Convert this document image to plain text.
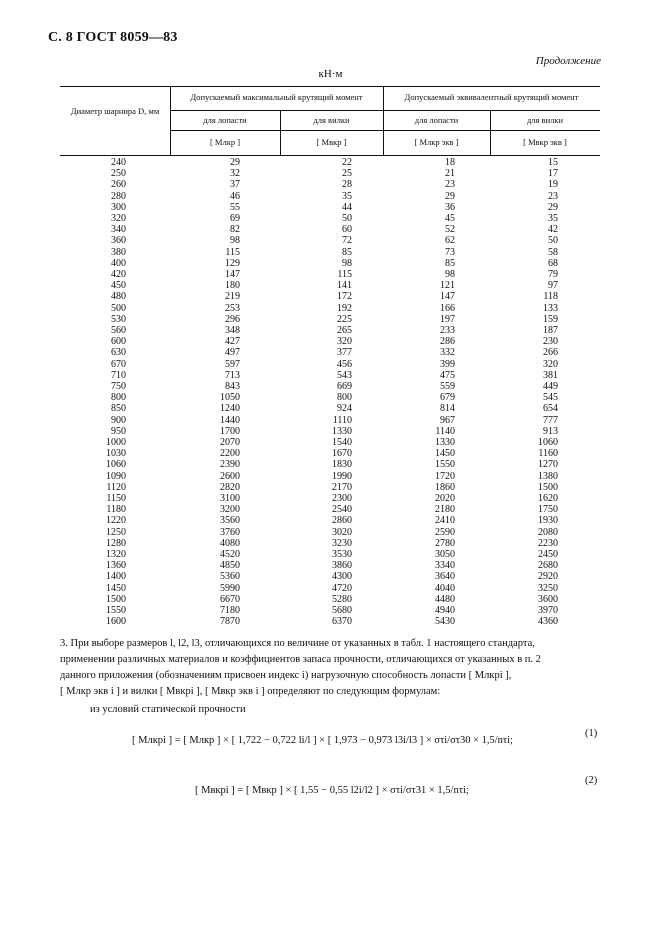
С. 8 ГОСТ 8059—83
Продолжение
кН·м
Диаметр шарнира D, мм
Допускаемый максимальный крутящий момент	Допускаемый эквивалентный крутящий момент
для лопасти	для вилки	для лопасти	для вилки
[ Mлкр ]	[ Mвкр ]	[ Mлкр экв ]	[ Mвкр экв ]
240	29	22	18	15
250	32	25	21	17
260	37	28	23	19
280	46	35	29	23
300	55	44	36	29
320	69	50	45	35
340	82	60	52	42
360	98	72	62	50
380	115	85	73	58
400	129	98	85	68
420	147	115	98	79
450	180	141	121	97
480	219	172	147	118
500	253	192	166	133
530	296	225	197	159
560	348	265	233	187
600	427	320	286	230
630	497	377	332	266
670	597	456	399	320
710	713	543	475	381
750	843	669	559	449
800	1050	800	679	545
850	1240	924	814	654
900	1440	1110	967	777
950	1700	1330	1140	913
1000	2070	1540	1330	1060
1030	2200	1670	1450	1160
1060	2390	1830	1550	1270
1090	2600	1990	1720	1380
1120	2820	2170	1860	1500
1150	3100	2300	2020	1620
1180	3200	2540	2180	1750
1220	3560	2860	2410	1930
1250	3760	3020	2590	2080
1280	4080	3230	2780	2230
1320	4520	3530	3050	2450
1360	4850	3860	3340	2680
1400	5360	4300	3640	2920
1450	5990	4720	4040	3250
1500	6670	5280	4480	3600
1550	7180	5680	4940	3970
1600	7870	6370	5430	4360
3. При выборе размеров l, l2, l3, отличающихся по величине от указанных в табл. 1 настоящего стандарта,
применении различных материалов и коэффициентов запаса прочности, отличающихся от указанных в п. 2
данного приложения (обозначениям присвоен индекс i) нагрузочную способность лопасти [ Mлкрi ],
[ Mлкр экв i ] и вилки [ Mвкрi ], [ Mвкр экв i ] определяют по следующим формулам:
из условий статической прочности
[ Mлкрi ] = [ Mлкр ] × [ 1,722 − 0,722 li/l ] × [ 1,973 − 0,973 l3i/l3 ] × στi/στ30 × 1,5/nτi;
(1)
[ Mвкрi ] = [ Mвкр ] × [ 1,55 − 0,55 l2i/l2 ] × στi/στ31 × 1,5/nτi;
(2)
